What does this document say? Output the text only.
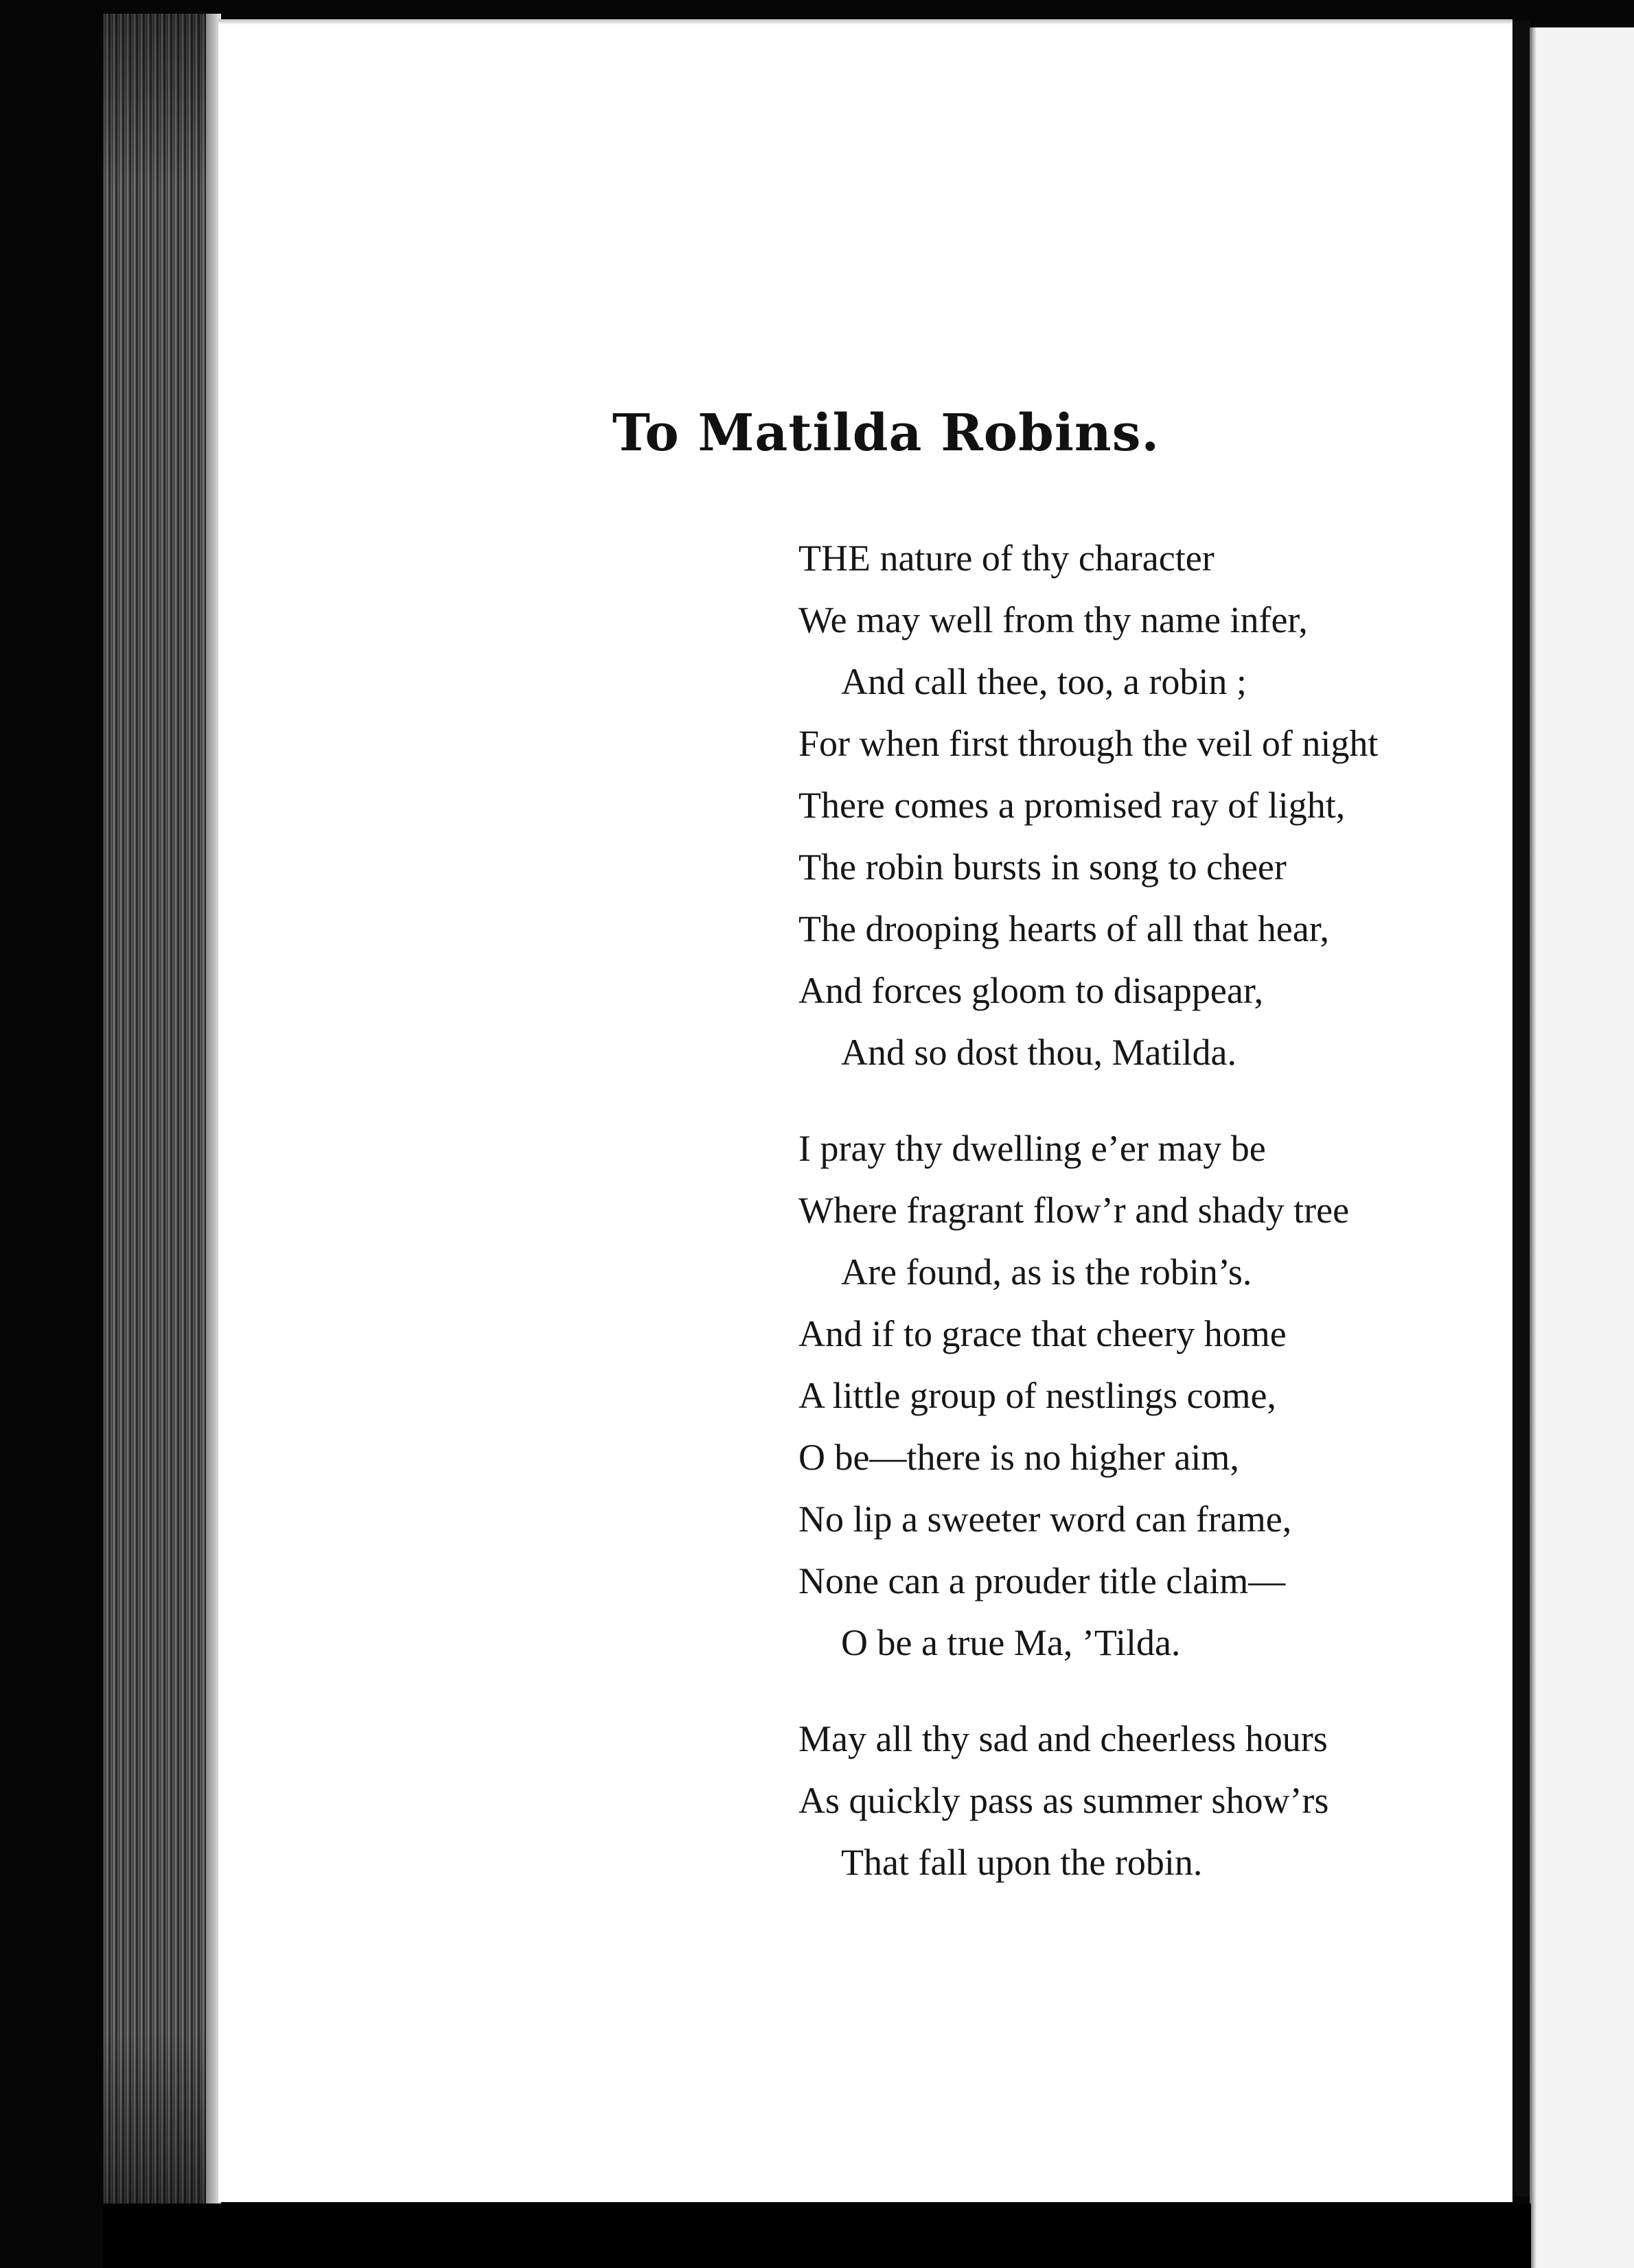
To Matilda Robins.
THE nature of thy character
We may well from thy name infer,
And call thee, too, a robin ;
For when first through the veil of night
There comes a promised ray of light,
The robin bursts in song to cheer
The drooping hearts of all that hear,
And forces gloom to disappear,
And so dost thou, Matilda.
I pray thy dwelling e’er may be
Where fragrant flow’r and shady tree
Are found, as is the robin’s.
And if to grace that cheery home
A little group of nestlings come,
O be—there is no higher aim,
No lip a sweeter word can frame,
None can a prouder title claim—
O be a true Ma, ’Tilda.
May all thy sad and cheerless hours
As quickly pass as summer show’rs
That fall upon the robin.
